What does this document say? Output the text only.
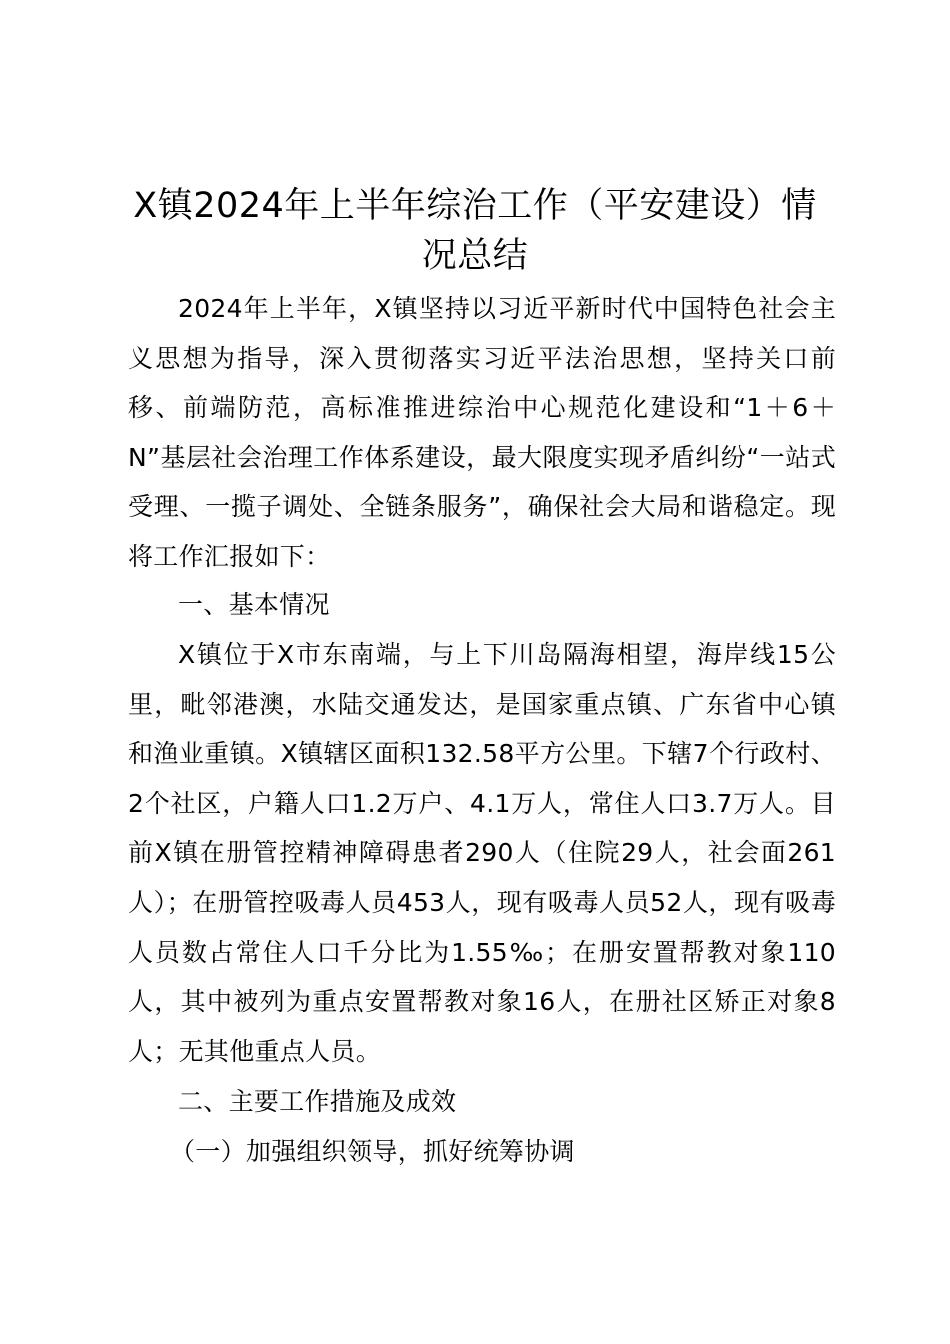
X镇2024年上半年综治工作（平安建设）情况总结

2024年上半年，X镇坚持以习近平新时代中国特色社会主义思想为指导，深入贯彻落实习近平法治思想，坚持关口前移、前端防范，高标准推进综治中心规范化建设和“1＋6＋N”基层社会治理工作体系建设，最大限度实现矛盾纠纷“一站式受理、一揽子调处、全链条服务”，确保社会大局和谐稳定。现将工作汇报如下：

一、基本情况

X镇位于X市东南端，与上下川岛隔海相望，海岸线15公里，毗邻港澳，水陆交通发达，是国家重点镇、广东省中心镇和渔业重镇。X镇辖区面积132.58平方公里。下辖7个行政村、2个社区，户籍人口1.2万户、4.1万人，常住人口3.7万人。目前X镇在册管控精神障碍患者290人（住院29人，社会面261人）；在册管控吸毒人员453人，现有吸毒人员52人，现有吸毒人员数占常住人口千分比为1.55‰；在册安置帮教对象110人，其中被列为重点安置帮教对象16人，在册社区矫正对象8人；无其他重点人员。

二、主要工作措施及成效
（一）加强组织领导，抓好统筹协调
